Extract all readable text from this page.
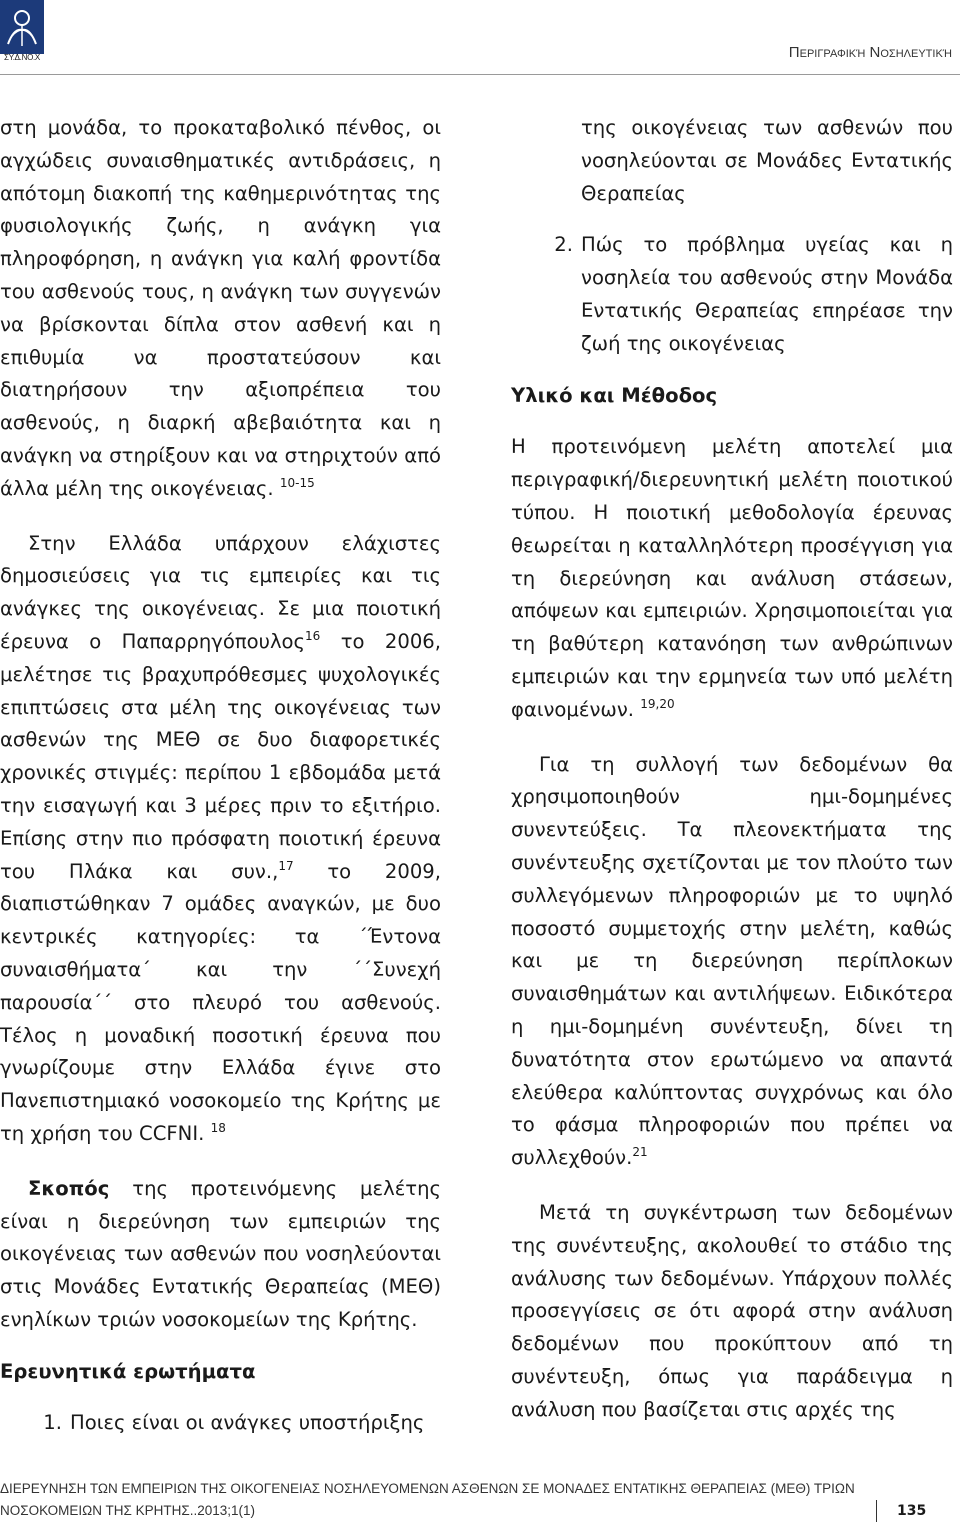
ΣΥ.Δ.ΝΟ.Χ	Περιγραφική Νοσηλευτική

στη μονάδα, το προκαταβολικό πένθος, οι αγχώδεις συναισθηματικές αντιδράσεις, η απότομη διακοπή της καθημερινότητας της φυσιολογικής ζωής, η ανάγκη για πληροφόρηση, η ανάγκη για καλή φροντίδα του ασθενούς τους, η ανάγκη των συγγενών να βρίσκονται δίπλα στον ασθενή και η επιθυμία να προστατεύσουν και διατηρήσουν την αξιοπρέπεια του ασθενούς, η διαρκή αβεβαιότητα και η ανάγκη να στηρίξουν και να στηριχτούν από άλλα μέλη της οικογένειας. $^{10-15}$

Στην Ελλάδα υπάρχουν ελάχιστες δημοσιεύσεις για τις εμπειρίες και τις ανάγκες της οικογένειας. Σε μια ποιοτική έρευνα ο Παπαρρηγόπουλος$^{16}$ το 2006, μελέτησε τις βραχυπρόθεσμες ψυχολογικές επιπτώσεις στα μέλη της οικογένειας των ασθενών της ΜΕΘ σε δυο διαφορετικές χρονικές στιγμές: περίπου 1 εβδομάδα μετά την εισαγωγή και 3 μέρες πριν το εξιτήριο. Επίσης στην πιο πρόσφατη ποιοτική έρευνα του Πλάκα και συν.,$^{17}$ το 2009, διαπιστώθηκαν 7 ομάδες αναγκών, με δυο κεντρικές κατηγορίες: τα ΄Έντονα συναισθήματα΄ και την ΄΄Συνεχή παρουσία΄΄ στο πλευρό του ασθενούς. Τέλος η μοναδική ποσοτική έρευνα που γνωρίζουμε στην Ελλάδα έγινε στο Πανεπιστημιακό νοσοκομείο της Κρήτης με τη χρήση του CCFNI. $^{18}$

Σκοπός της προτεινόμενης μελέτης είναι η διερεύνηση των εμπειριών της οικογένειας των ασθενών που νοσηλεύονται στις Μονάδες Εντατικής Θεραπείας (ΜΕΘ) ενηλίκων τριών νοσοκομείων της Κρήτης.

Ερευνητικά ερωτήματα

1. Ποιες είναι οι ανάγκες υποστήριξης

της οικογένειας των ασθενών που νοσηλεύονται σε Μονάδες Εντατικής Θεραπείας

2. Πώς το πρόβλημα υγείας και η νοσηλεία του ασθενούς στην Μονάδα Εντατικής Θεραπείας επηρέασε την ζωή της οικογένειας

Υλικό και Μέθοδος

Η προτεινόμενη μελέτη αποτελεί μια περιγραφική/διερευνητική μελέτη ποιοτικού τύπου. Η ποιοτική μεθοδολογία έρευνας θεωρείται η καταλληλότερη προσέγγιση για τη διερεύνηση και ανάλυση στάσεων, απόψεων και εμπειριών. Χρησιμοποιείται για τη βαθύτερη κατανόηση των ανθρώπινων εμπειριών και την ερμηνεία των υπό μελέτη φαινομένων. $^{19,20}$

Για τη συλλογή των δεδομένων θα χρησιμοποιηθούν ημι-δομημένες συνεντεύξεις. Τα πλεονεκτήματα της συνέντευξης σχετίζονται με τον πλούτο των συλλεγόμενων πληροφοριών με το υψηλό ποσοστό συμμετοχής στην μελέτη, καθώς και με τη διερεύνηση περίπλοκων συναισθημάτων και αντιλήψεων. Ειδικότερα η ημι-δομημένη συνέντευξη, δίνει τη δυνατότητα στον ερωτώμενο να απαντά ελεύθερα καλύπτοντας συγχρόνως και όλο το φάσμα πληροφοριών που πρέπει να συλλεχθούν.$^{21}$

Μετά τη συγκέντρωση των δεδομένων της συνέντευξης, ακολουθεί το στάδιο της ανάλυσης των δεδομένων. Υπάρχουν πολλές προσεγγίσεις σε ότι αφορά στην ανάλυση δεδομένων που προκύπτουν από τη συνέντευξη, όπως για παράδειγμα η ανάλυση που βασίζεται στις αρχές της

ΔΙΕΡΕΥΝΗΣΗ ΤΩΝ ΕΜΠΕΙΡΙΩΝ ΤΗΣ ΟΙΚΟΓΕΝΕΙΑΣ ΝΟΣΗΛΕΥΟΜΕΝΩΝ ΑΣΘΕΝΩΝ ΣΕ ΜΟΝΑΔΕΣ ΕΝΤΑΤΙΚΗΣ ΘΕΡΑΠΕΙΑΣ (ΜΕΘ) ΤΡΙΩΝ
ΝΟΣΟΚΟΜΕΙΩΝ ΤΗΣ ΚΡΗΤΗΣ..2013;1(1)	135
